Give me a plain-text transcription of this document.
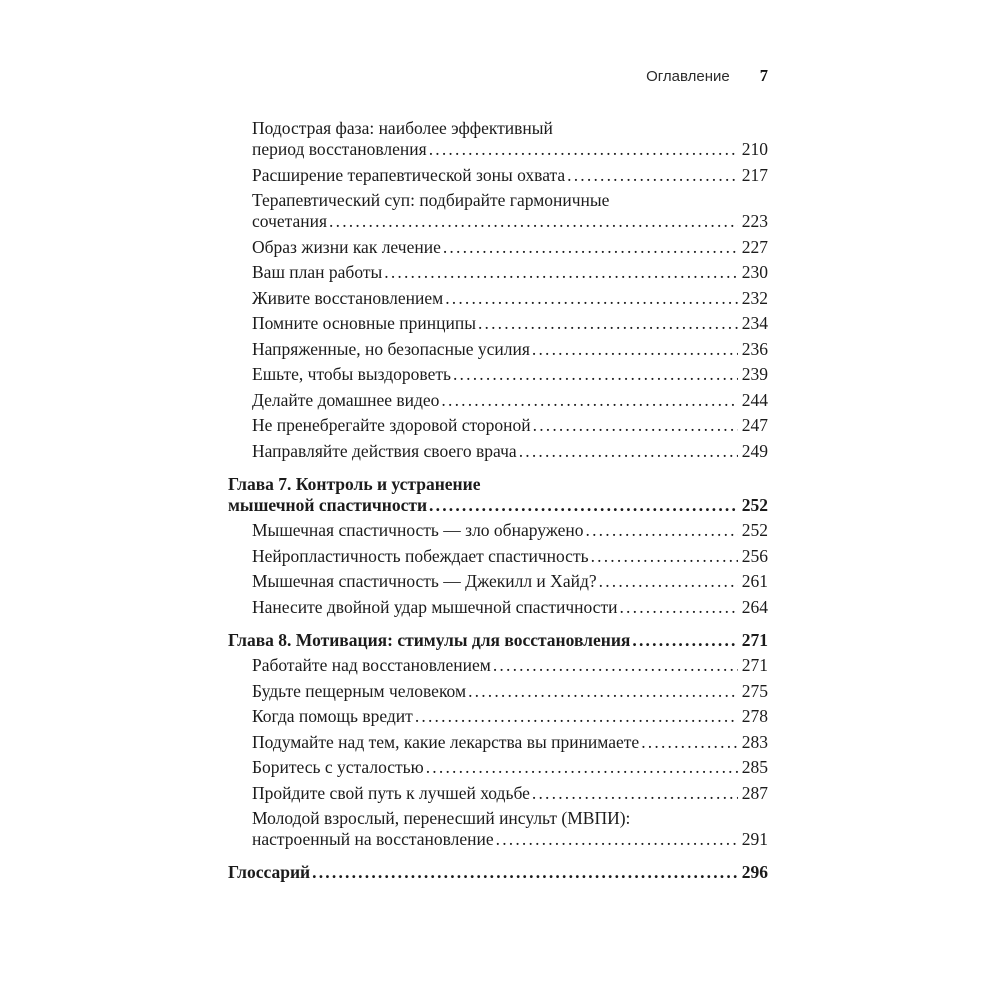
Оглавление 7
Подострая фаза: наиболее эффективный
период восстановления .....	210
Расширение терапевтической зоны охвата .....	217
Терапевтический суп: подбирайте гармоничные
сочетания .....	223
Образ жизни как лечение .....	227
Ваш план работы .....	230
Живите восстановлением .....	232
Помните основные принципы .....	234
Напряженные, но безопасные усилия .....	236
Ешьте, чтобы выздороветь .....	239
Делайте домашнее видео .....	244
Не пренебрегайте здоровой стороной .....	247
Направляйте действия своего врача .....	249
Глава 7. Контроль и устранение
мышечной спастичности .....	252
Мышечная спастичность — зло обнаружено .....	252
Нейропластичность побеждает спастичность .....	256
Мышечная спастичность — Джекилл и Хайд? .....	261
Нанесите двойной удар мышечной спастичности .....	264
Глава 8. Мотивация: стимулы для восстановления .....	271
Работайте над восстановлением .....	271
Будьте пещерным человеком .....	275
Когда помощь вредит .....	278
Подумайте над тем, какие лекарства вы принимаете .....	283
Боритесь с усталостью .....	285
Пройдите свой путь к лучшей ходьбе .....	287
Молодой взрослый, перенесший инсульт (МВПИ):
настроенный на восстановление .....	291
Глоссарий .....	296
